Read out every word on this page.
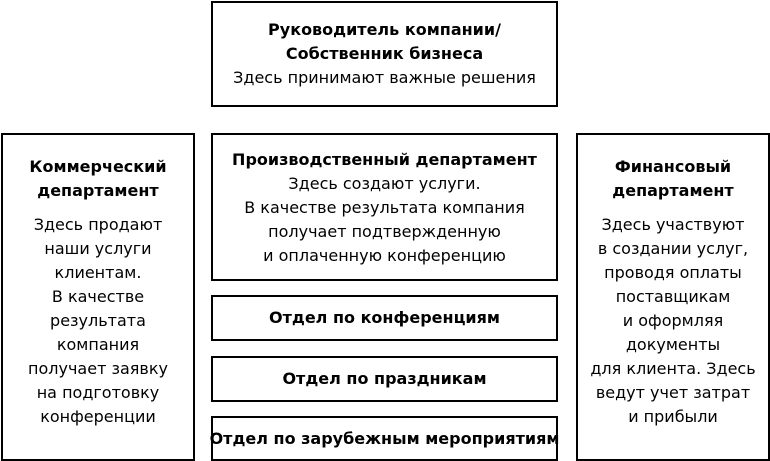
Руководитель компании/
Собственник бизнеса
Здесь принимают важные решения
Коммерческий
департамент
Здесь продают
наши услуги
клиентам.
В качестве
результата
компания
получает заявку
на подготовку
конференции
Производственный департамент
Здесь создают услуги.
В качестве результата компания
получает подтвержденную
и оплаченную конференцию
Финансовый
департамент
Здесь участвуют
в создании услуг,
проводя оплаты
поставщикам
и оформляя
документы
для клиента. Здесь
ведут учет затрат
и прибыли
Отдел по конференциям
Отдел по праздникам
Отдел по зарубежным мероприятиям
